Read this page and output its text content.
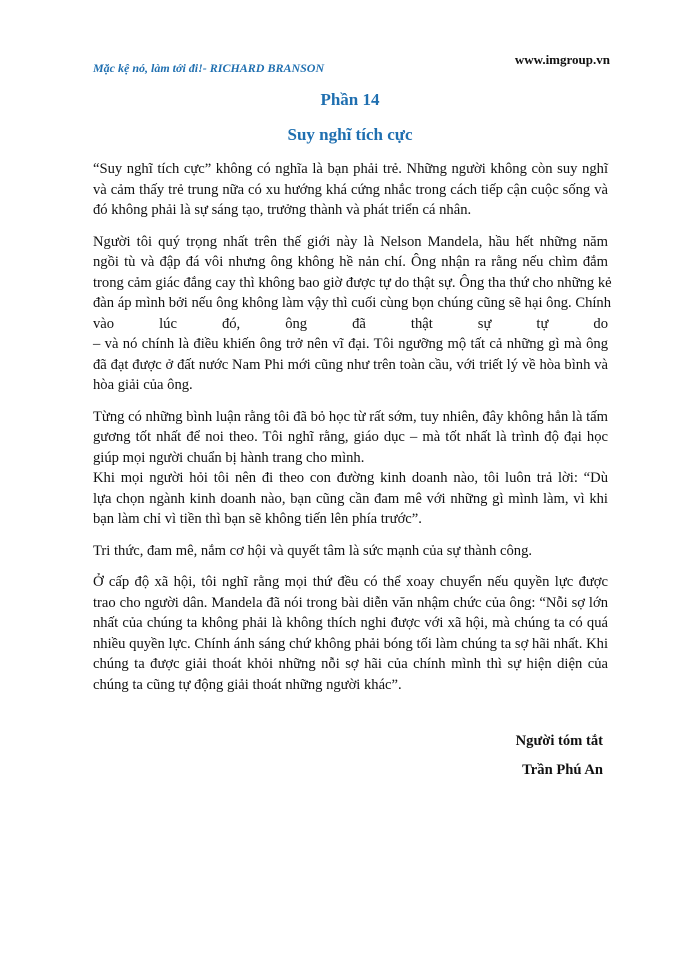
Mặc kệ nó, làm tới đi!- RICHARD BRANSON
www.imgroup.vn
Phần 14
Suy nghĩ tích cực
“Suy nghĩ tích cực” không có nghĩa là bạn phải trẻ. Những người không còn suy nghĩ
và cảm thấy trẻ trung nữa có xu hướng khá cứng nhắc trong cách tiếp cận cuộc sống và
đó không phải là sự sáng tạo, trưởng thành và phát triển cá nhân.
Người tôi quý trọng nhất trên thế giới này là Nelson Mandela, hầu hết những năm
ngồi tù và đập đá vôi nhưng ông không hề nản chí. Ông nhận ra rằng nếu chìm đắm
trong cảm giác đắng cay thì không bao giờ được tự do thật sự. Ông tha thứ cho những kẻ
đàn áp mình bởi nếu ông không làm vậy thì cuối cùng bọn chúng cũng sẽ hại ông. Chính
vào lúc đó, ông đã thật sự tự do
– và nó chính là điều khiến ông trở nên vĩ đại. Tôi ngưỡng mộ tất cả những gì mà ông
đã đạt được ở đất nước Nam Phi mới cũng như trên toàn cầu, với triết lý về hòa bình và
hòa giải của ông.
Từng có những bình luận rằng tôi đã bỏ học từ rất sớm, tuy nhiên, đây không hẳn là tấm
gương tốt nhất để noi theo. Tôi nghĩ rằng, giáo dục – mà tốt nhất là trình độ đại học
giúp mọi người chuẩn bị hành trang cho mình.
Khi mọi người hỏi tôi nên đi theo con đường kinh doanh nào, tôi luôn trả lời: “Dù
lựa chọn ngành kinh doanh nào, bạn cũng cần đam mê với những gì mình làm, vì khi
bạn làm chỉ vì tiền thì bạn sẽ không tiến lên phía trước”.
Tri thức, đam mê, nắm cơ hội và quyết tâm là sức mạnh của sự thành công.
Ở cấp độ xã hội, tôi nghĩ rằng mọi thứ đều có thể xoay chuyển nếu quyền lực được
trao cho người dân. Mandela đã nói trong bài diễn văn nhậm chức của ông: “Nỗi sợ lớn
nhất của chúng ta không phải là không thích nghi được với xã hội, mà chúng ta có quá
nhiều quyền lực. Chính ánh sáng chứ không phải bóng tối làm chúng ta sợ hãi nhất. Khi
chúng ta được giải thoát khỏi những nỗi sợ hãi của chính mình thì sự hiện diện của
chúng ta cũng tự động giải thoát những người khác”.
Người tóm tắt
Trần Phú An
